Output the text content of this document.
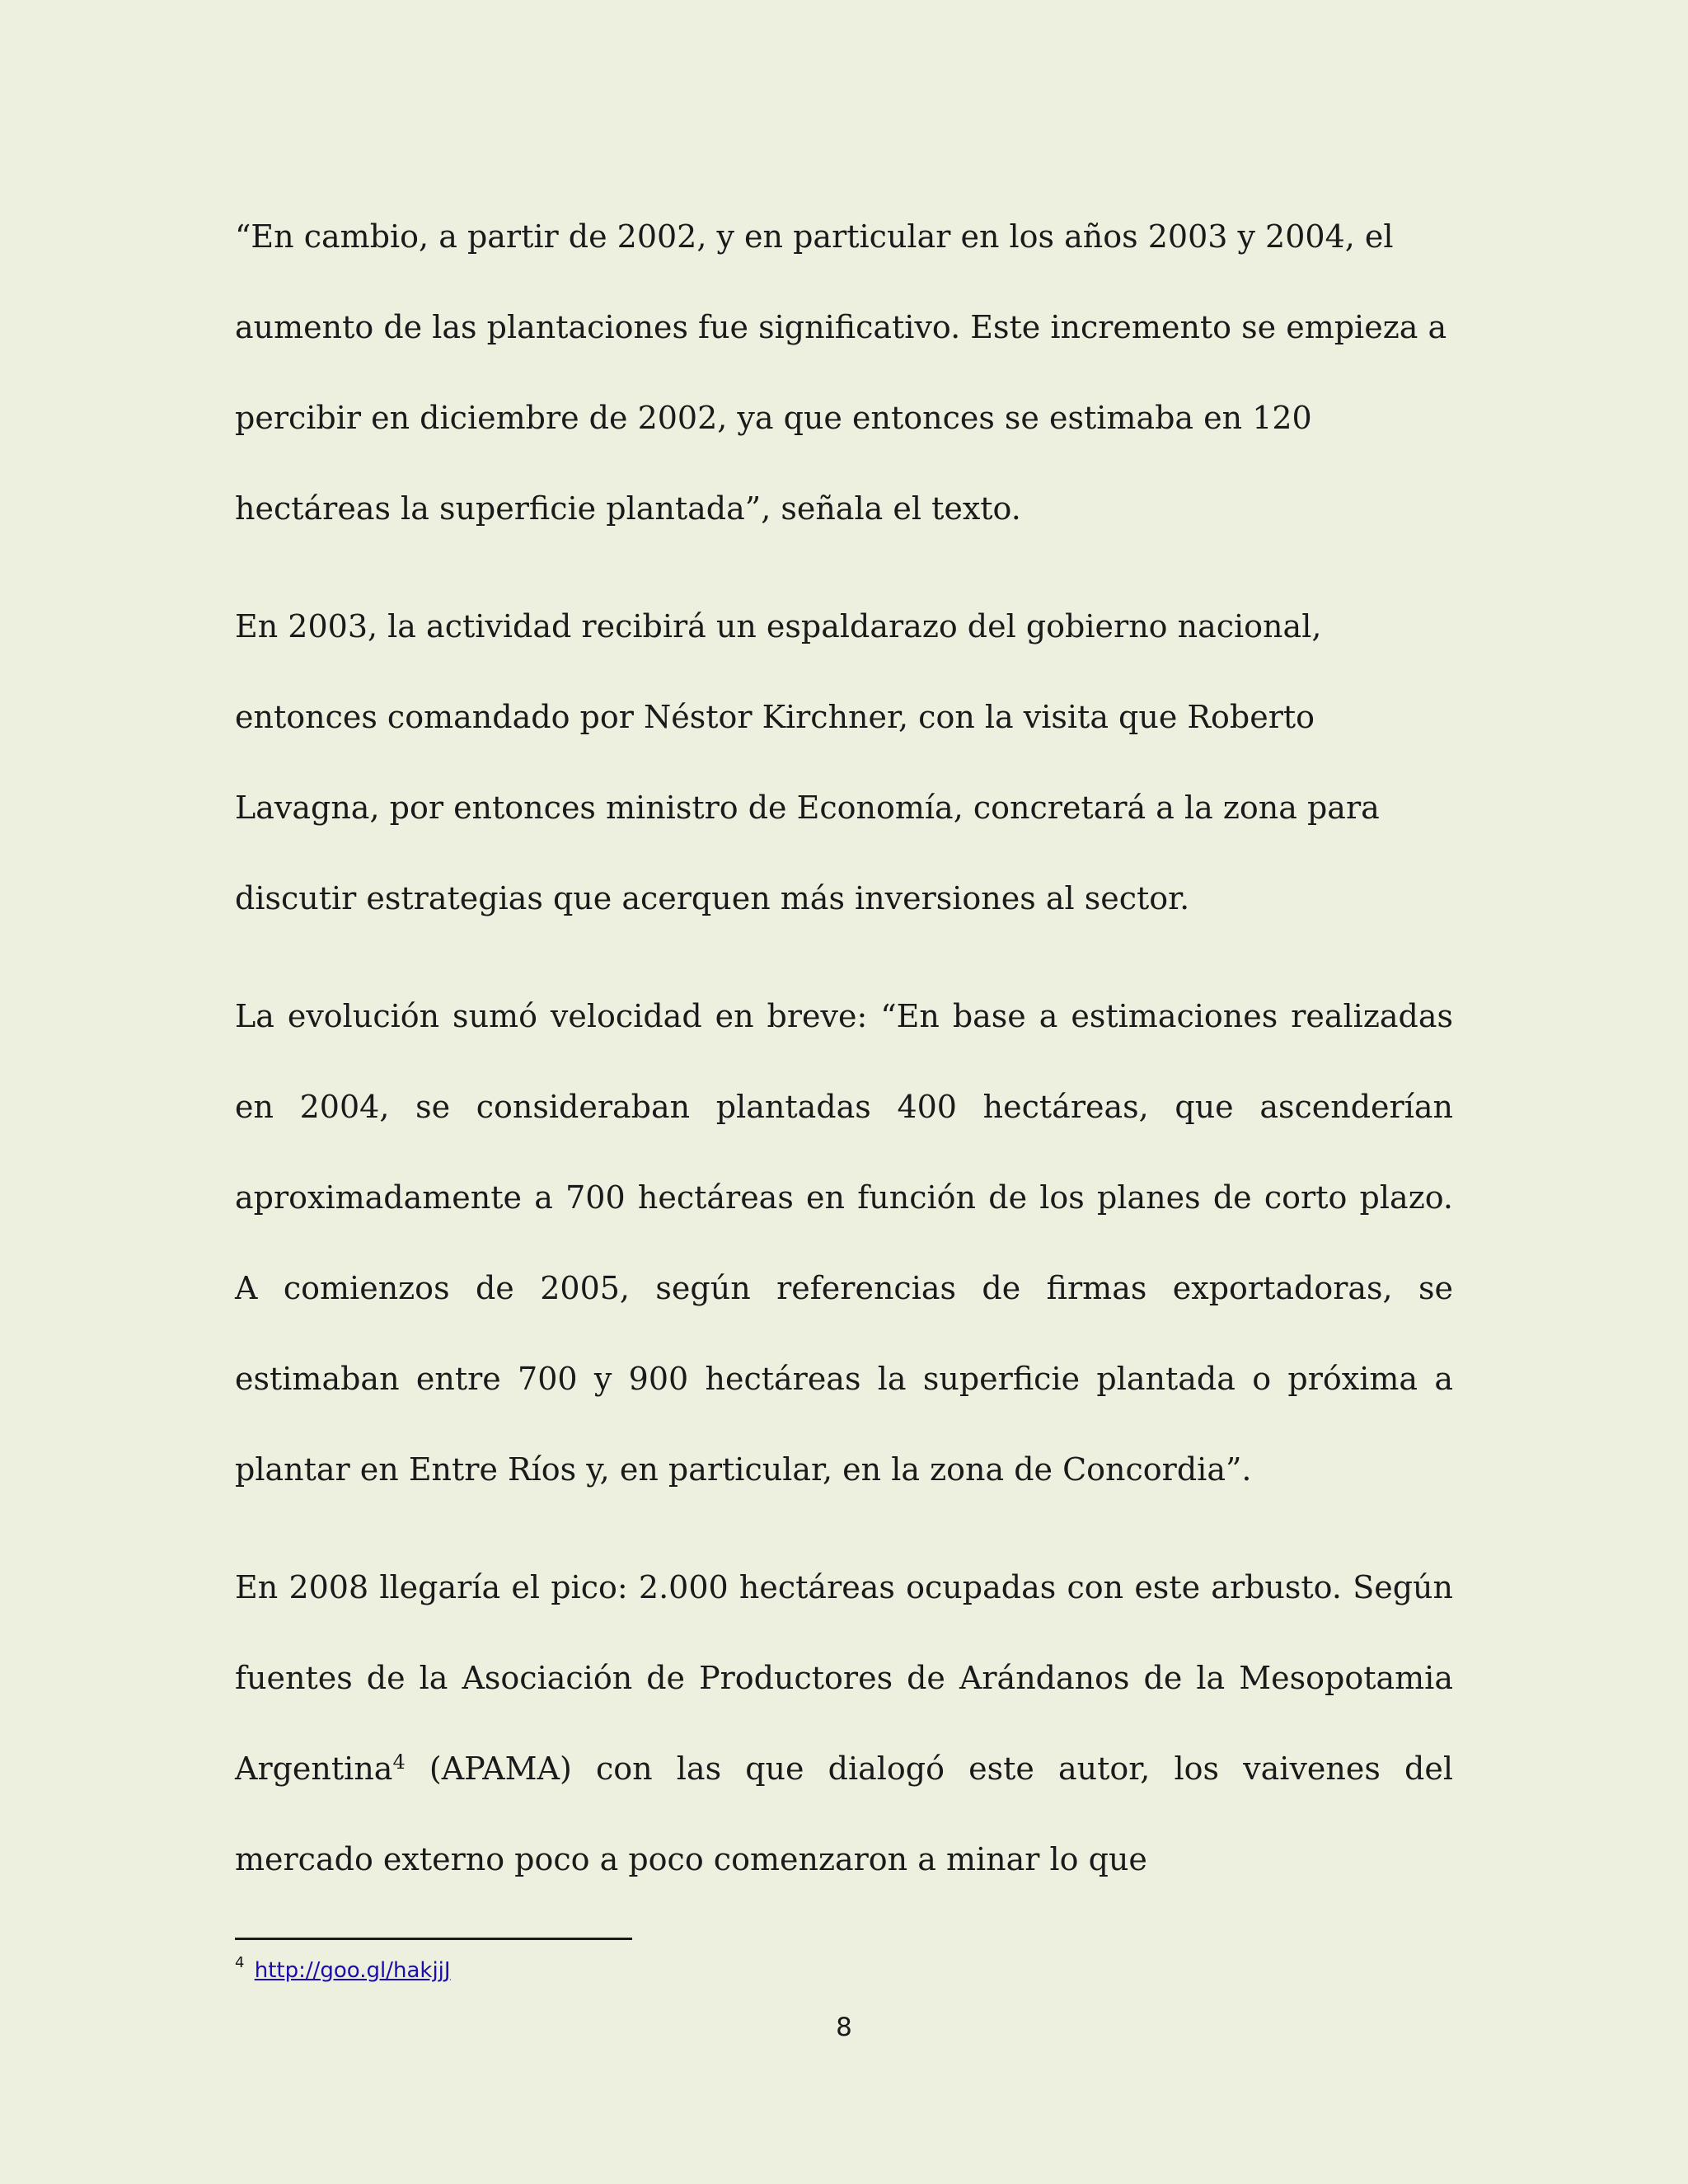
“En cambio, a partir de 2002, y en particular en los años 2003 y 2004, el aumento de las plantaciones fue significativo. Este incremento se empieza a percibir en diciembre de 2002, ya que entonces se estimaba en 120 hectáreas la superficie plantada”, señala el texto.

En 2003, la actividad recibirá un espaldarazo del gobierno nacional, entonces comandado por Néstor Kirchner, con la visita que Roberto Lavagna, por entonces ministro de Economía, concretará a la zona para discutir estrategias que acerquen más inversiones al sector.

La evolución sumó velocidad en breve: “En base a estimaciones realizadas en 2004, se consideraban plantadas 400 hectáreas, que ascenderían aproximadamente a 700 hectáreas en función de los planes de corto plazo. A comienzos de 2005, según referencias de firmas exportadoras, se estimaban entre 700 y 900 hectáreas la superficie plantada o próxima a plantar en Entre Ríos y, en particular, en la zona de Concordia”.

En 2008 llegaría el pico: 2.000 hectáreas ocupadas con este arbusto. Según fuentes de la Asociación de Productores de Arándanos de la Mesopotamia Argentina$^4$ (APAMA) con las que dialogó este autor, los vaivenes del mercado externo poco a poco comenzaron a minar lo que

$^4$ http://goo.gl/hakjjJ
8
